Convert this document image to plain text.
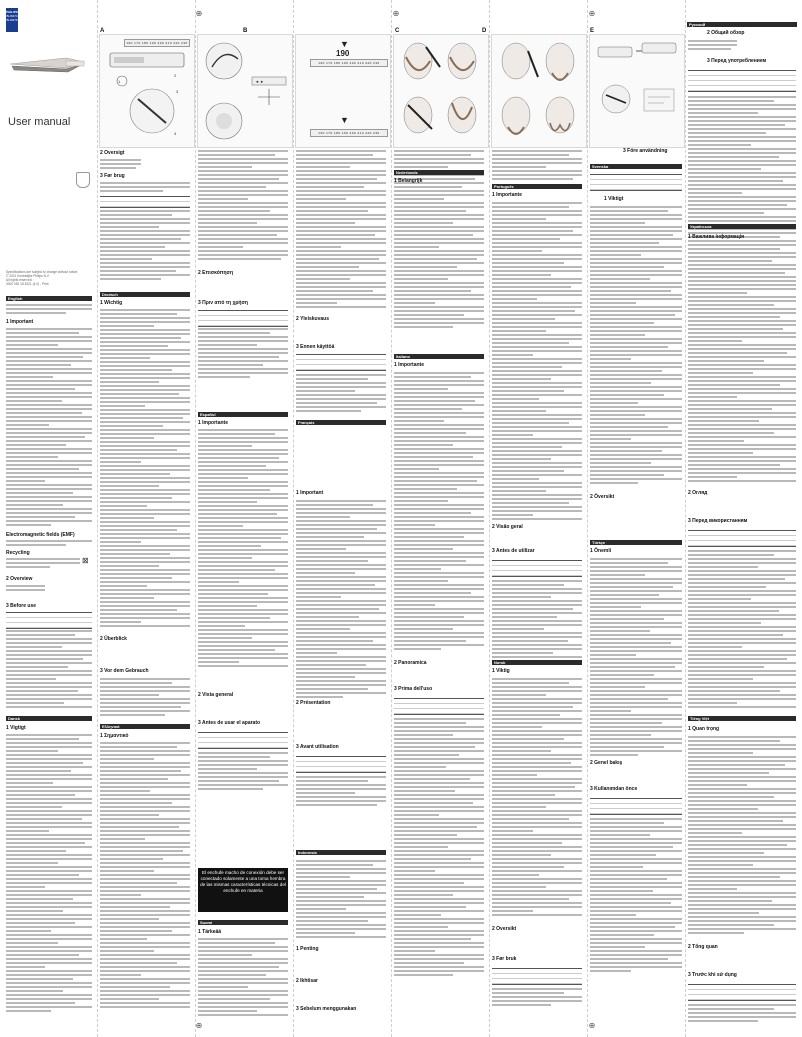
⊕	⊕	⊕
⊕	⊕
PHILIPS
BHS674
BHS676
User manual
Specifications are subject to change without notice
© 2021 Koninklijke Philips N.V.
All rights reserved.
3000 052 18 5321 (4.0) - Print
English
1 Important
Electromagnetic fields (EMF)
Recycling
⊠
2 Overview
3 Before use
Dansk
1 Vigtigt
A
160 170 180 190 200 210 220 230
1
2
3
4
2 Oversigt
3 Før brug
Deutsch
1 Wichtig
2 Überblick
3 Vor dem Gebrauch
Ελληνικά
1 Σημαντικό
B
◄ ►
2 Επισκόπηση
3 Πριν από τη χρήση
Español
1 Importante
2 Vista general
3 Antes de usar el aparato
El enchufe macho de conexión debe ser conectado solamente a una toma hembra de las mismas características técnicas del enchufe en materia
Suomi
1 Tärkeää
C
190
160 170 180 190 200 210 220 230
160 170 180 190 200 210 220 230
▼
▼
2 Yleiskuvaus
3 Ennen käyttöä
Français
1 Important
2 Présentation
3 Avant utilisation
Indonesia
1 Penting
2 Ikhtisar
3 Sebelum menggunakan
D
Italiano
1 Importante
2 Panoramica
3 Prima dell'uso
Nederlands
1 Belangrijk
Português
1 Importante
2 Visão geral
3 Antes de utilizar
Norsk
1 Viktig
2 Oversikt
3 Før bruk
E
Русский
2 Общий обзор
3 Перед употреблением
Svenska
3 Före användning
1 Viktigt
2 Översikt
Türkçe
1 Önemli
2 Genel bakış
3 Kullanımdan önce
Українська
1 Важлива інформація
2 Огляд
3 Перед використанням
Tiếng Việt
1 Quan trọng
2 Tổng quan
3 Trước khi sử dụng
